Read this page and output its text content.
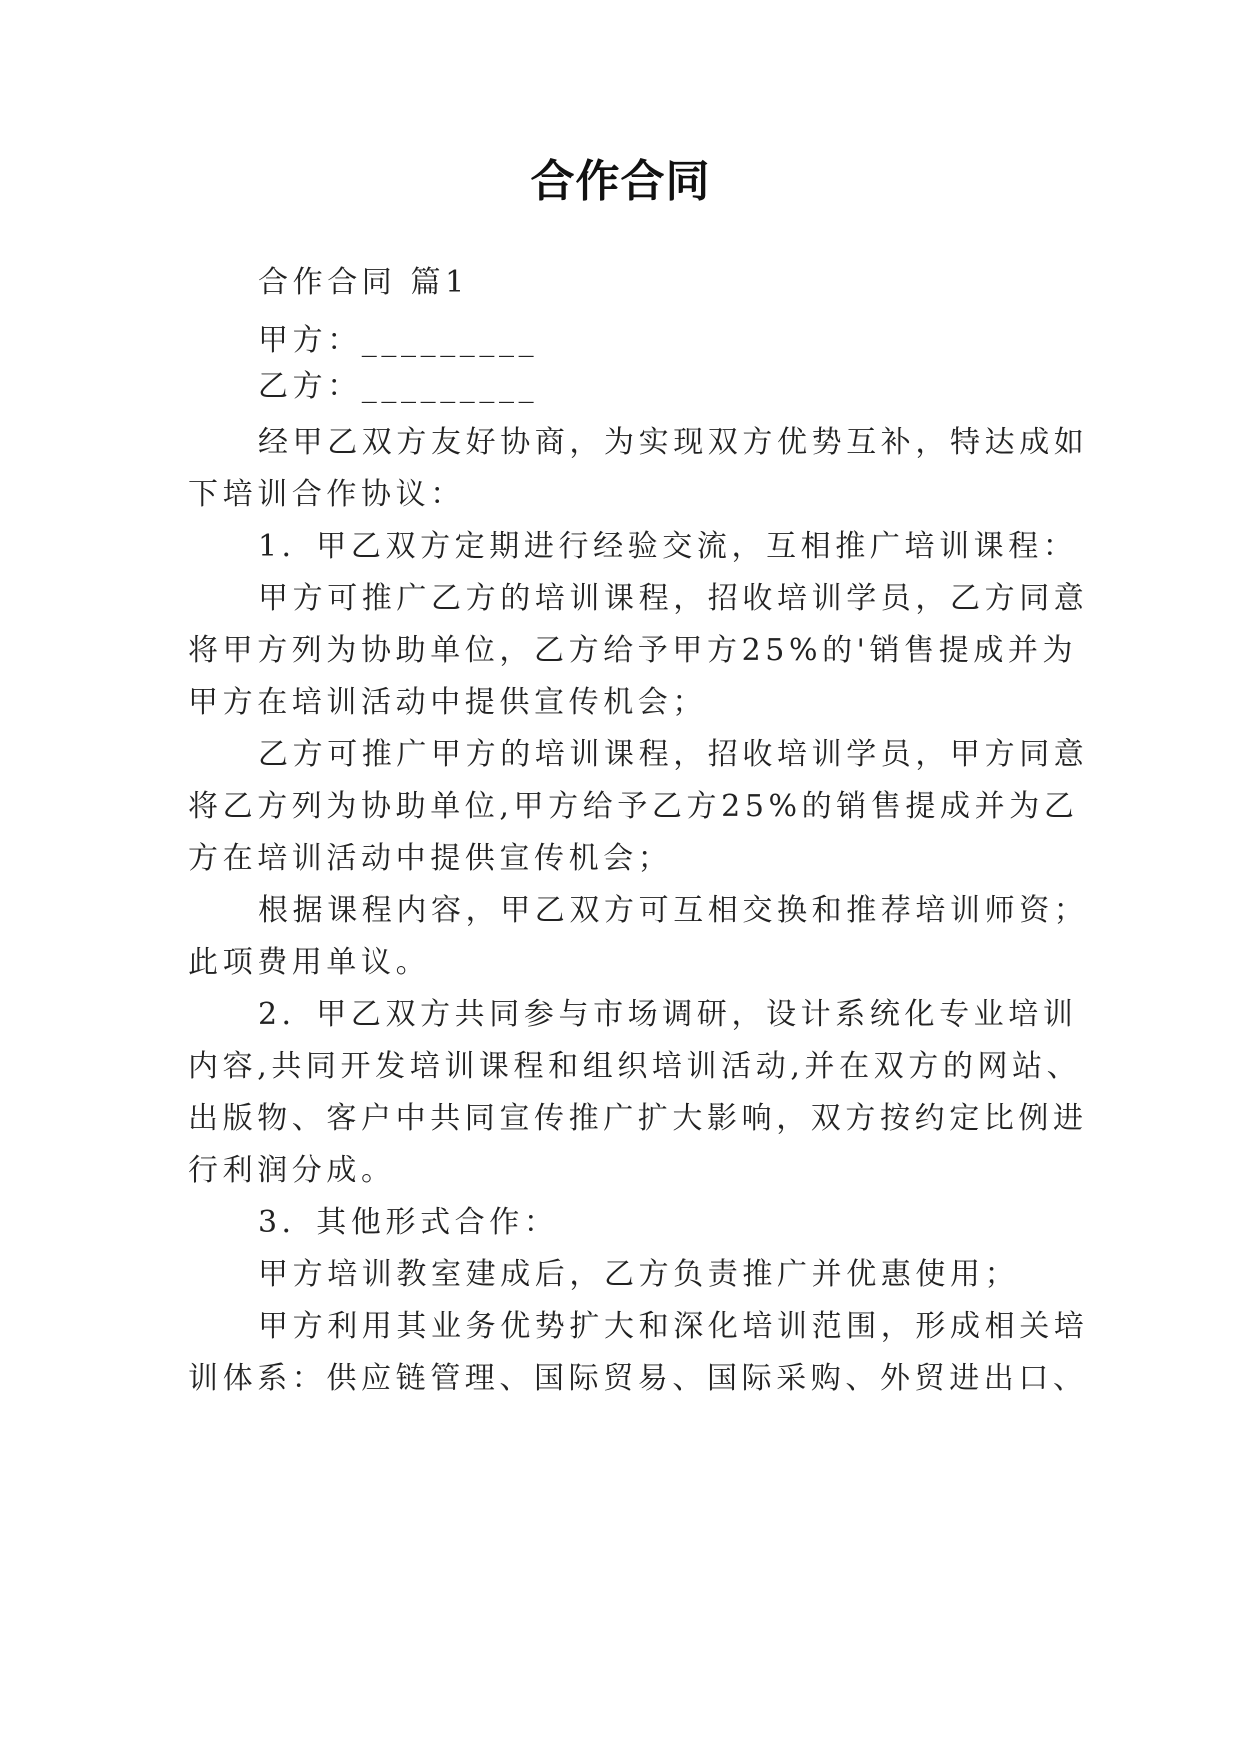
合作合同
合作合同 篇1
甲方：_________
乙方：_________
经甲乙双方友好协商，为实现双方优势互补，特达成如
下培训合作协议：
1．甲乙双方定期进行经验交流，互相推广培训课程：
甲方可推广乙方的培训课程，招收培训学员，乙方同意
将甲方列为协助单位，乙方给予甲方25%的'销售提成并为
甲方在培训活动中提供宣传机会；
乙方可推广甲方的培训课程，招收培训学员，甲方同意
将乙方列为协助单位,甲方给予乙方25%的销售提成并为乙
方在培训活动中提供宣传机会；
根据课程内容，甲乙双方可互相交换和推荐培训师资；
此项费用单议。
2．甲乙双方共同参与市场调研，设计系统化专业培训
内容,共同开发培训课程和组织培训活动,并在双方的网站、
出版物、客户中共同宣传推广扩大影响，双方按约定比例进
行利润分成。
3．其他形式合作：
甲方培训教室建成后，乙方负责推广并优惠使用；
甲方利用其业务优势扩大和深化培训范围，形成相关培
训体系：供应链管理、国际贸易、国际采购、外贸进出口、
